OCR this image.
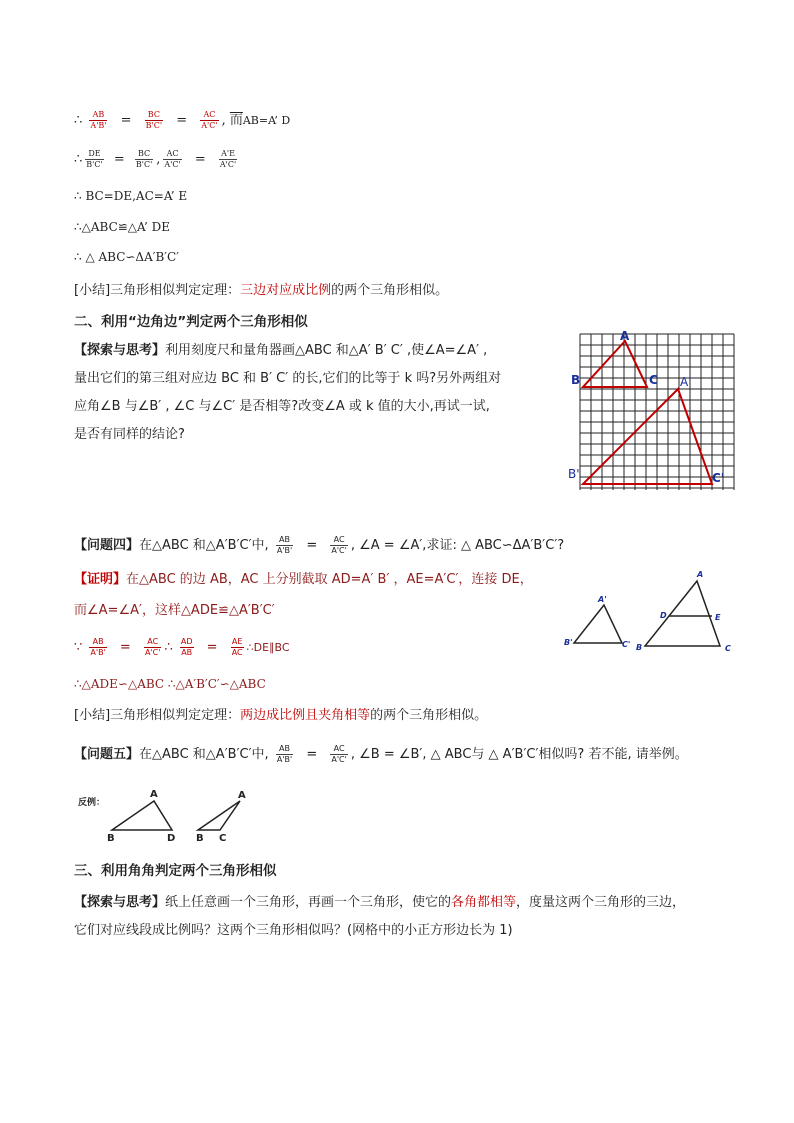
∴ $\frac{AB}{A'B'} = \frac{BC}{B'C'} = \frac{AC}{A'C'}$ , 而AB=A’ D
∴ $\frac{DE}{B'C'} = \frac{BC}{B'C'}$ , $\frac{AC}{A'C'} = \frac{A'E}{A'C'}$
∴ BC=DE,AC=A’ E
∴△ABC≌△A’ DE
∴ △ ABC∽ΔA′B′C′
[小结]三角形相似判定定理：三边对应成比例的两个三角形相似。
二、利用“边角边”判定两个三角形相似
【探索与思考】利用刻度尺和量角器画△ABC 和△A′ B′ C′ ,使∠A=∠A′ ,
量出它们的第三组对应边 BC 和 B′ C′ 的长,它们的比等于 k 吗?另外两组对
应角∠B 与∠B′ , ∠C 与∠C′ 是否相等?改变∠A 或 k 值的大小,再试一试,
是否有同样的结论?
A
B	C A'
B'	C'
【问题四】在△ABC 和△A′B′C′中, $\frac{AB}{A'B'} = \frac{AC}{A'C'}$ , ∠A = ∠A′,求证: △ ABC∽ΔA′B′C′?
【证明】在△ABC 的边 AB，AC 上分别截取 AD=A′ B′ ，AE=A′C′，连接 DE，
而∠A=∠A′，这样△ADE≌△A′B′C′
∵ $\frac{AB}{A'B'} = \frac{AC}{A'C'}$ ∴ $\frac{AD}{AB} = \frac{AE}{AC}$ ∴DE∥BC
∴△ADE∽△ABC ∴△A′B′C′∽△ABC
A'
B'	C'
A
D	E
B	C
[小结]三角形相似判定定理：两边成比例且夹角相等的两个三角形相似。
【问题五】在△ABC 和△A′B′C′中, $\frac{AB}{A'B'} = \frac{AC}{A'C'}$ , ∠B = ∠B′, △ ABC与 △ A′B′C′相似吗? 若不能, 请举例。
反例：
A
B	D
A
B C
三、利用角角判定两个三角形相似
【探索与思考】纸上任意画一个三角形，再画一个三角形，使它的各角都相等，度量这两个三角形的三边，
它们对应线段成比例吗？这两个三角形相似吗？(网格中的小正方形边长为 1)
